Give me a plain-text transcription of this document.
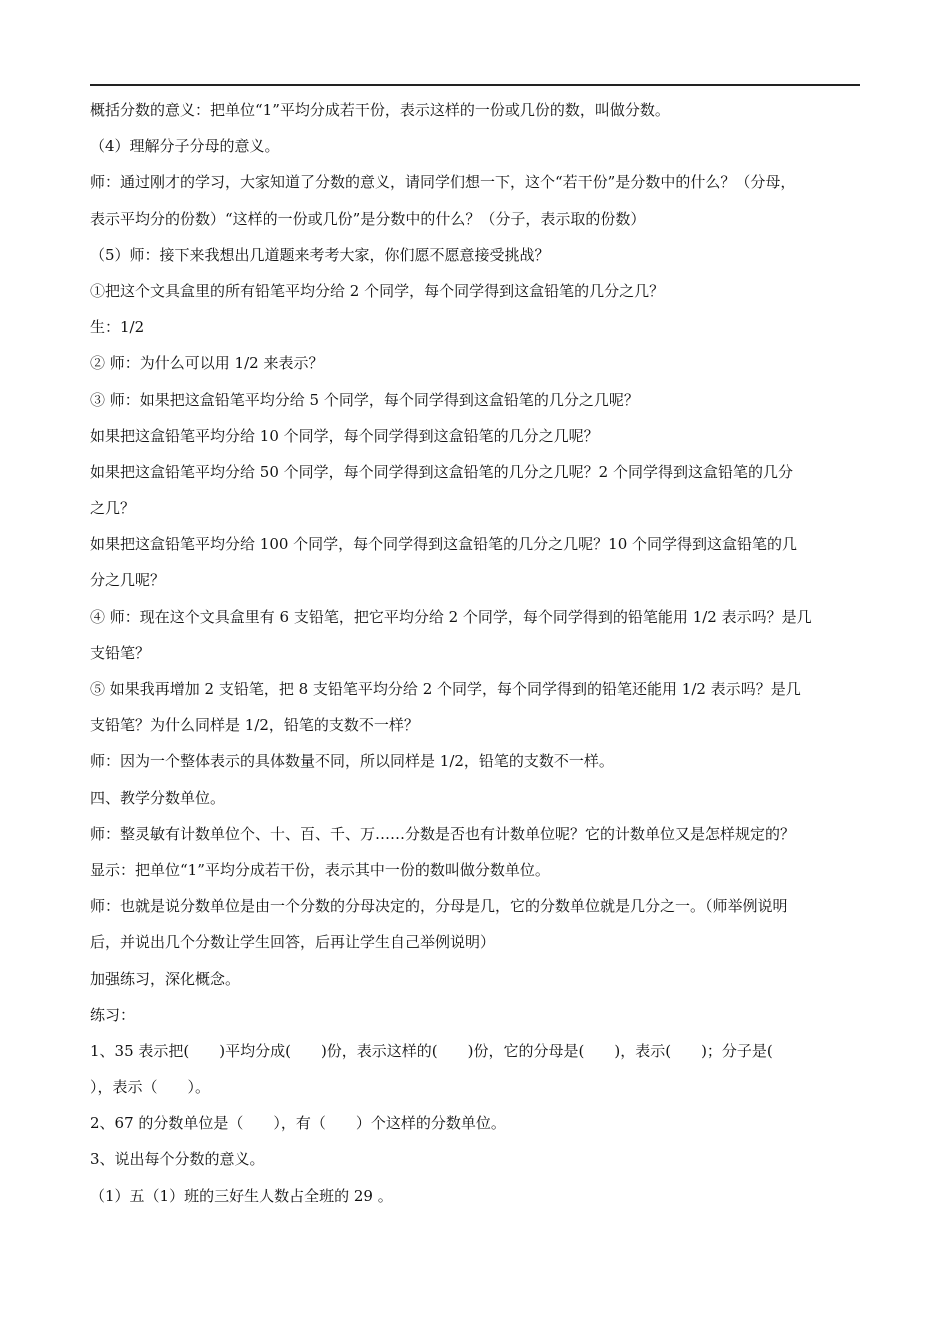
概括分数的意义：把单位“1”平均分成若干份，表示这样的一份或几份的数，叫做分数。
（4）理解分子分母的意义。
师：通过刚才的学习，大家知道了分数的意义，请同学们想一下，这个“若干份”是分数中的什么？（分母，
表示平均分的份数）“这样的一份或几份”是分数中的什么？（分子，表示取的份数）
（5）师：接下来我想出几道题来考考大家，你们愿不愿意接受挑战？
①把这个文具盒里的所有铅笔平均分给 2 个同学，每个同学得到这盒铅笔的几分之几？
生：1/2
② 师：为什么可以用 1/2 来表示？
③ 师：如果把这盒铅笔平均分给 5 个同学，每个同学得到这盒铅笔的几分之几呢？
如果把这盒铅笔平均分给 10 个同学，每个同学得到这盒铅笔的几分之几呢？
如果把这盒铅笔平均分给 50 个同学，每个同学得到这盒铅笔的几分之几呢？2 个同学得到这盒铅笔的几分
之几？
如果把这盒铅笔平均分给 100 个同学，每个同学得到这盒铅笔的几分之几呢？10 个同学得到这盒铅笔的几
分之几呢？
④ 师：现在这个文具盒里有 6 支铅笔，把它平均分给 2 个同学，每个同学得到的铅笔能用 1/2 表示吗？是几
支铅笔？
⑤ 如果我再增加 2 支铅笔，把 8 支铅笔平均分给 2 个同学，每个同学得到的铅笔还能用 1/2 表示吗？是几
支铅笔？为什么同样是 1/2，铅笔的支数不一样？
师：因为一个整体表示的具体数量不同，所以同样是 1/2，铅笔的支数不一样。
四、教学分数单位。
师：整灵敏有计数单位个、十、百、千、万……分数是否也有计数单位呢？它的计数单位又是怎样规定的？
显示：把单位“1”平均分成若干份，表示其中一份的数叫做分数单位。
师：也就是说分数单位是由一个分数的分母决定的，分母是几，它的分数单位就是几分之一。（师举例说明
后，并说出几个分数让学生回答，后再让学生自己举例说明）
加强练习，深化概念。
练习：
1、35 表示把(　　)平均分成(　　)份，表示这样的(　　)份，它的分母是(　　)，表示(　　)；分子是(
），表示（　　）。
2、67 的分数单位是（　　），有（　　）个这样的分数单位。
3、说出每个分数的意义。
（1）五（1）班的三好生人数占全班的 29 。
